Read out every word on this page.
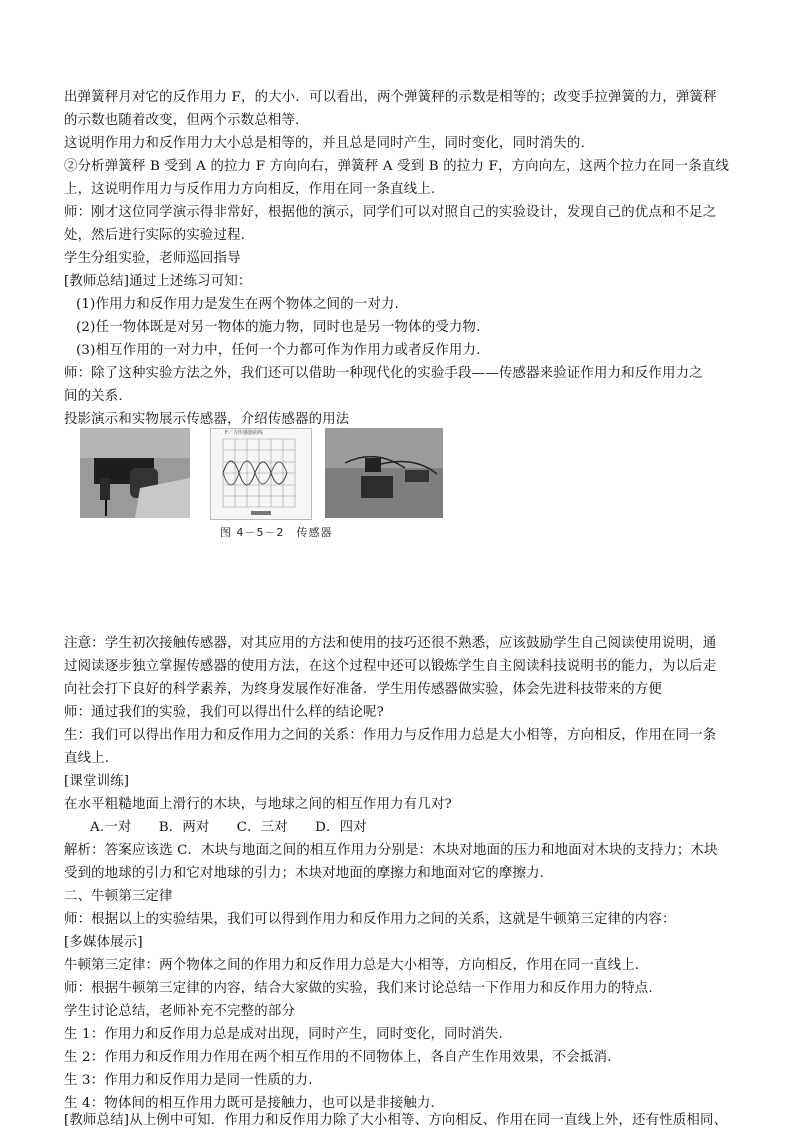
出弹簧秤月对它的反作用力 F，的大小．可以看出，两个弹簧秤的示数是相等的；改变手拉弹簧的力，弹簧秤
的示数也随着改变，但两个示数总相等.
这说明作用力和反作用力大小总是相等的，并且总是同时产生，同时变化，同时消失的.
②分析弹簧秤 B 受到 A 的拉力 F 方向向右，弹簧秤 A 受到 B 的拉力 F，方向向左，这两个拉力在同一条直线
上，这说明作用力与反作用力方向相反，作用在同一条直线上.
师：刚才这位同学演示得非常好，根据他的演示，同学们可以对照自己的实验设计，发现自己的优点和不足之
处，然后进行实际的实验过程.
学生分组实验，老师巡回指导
[教师总结]通过上述练习可知：
(1)作用力和反作用力是发生在两个物体之间的一对力.
(2)任一物体既是对另一物体的施力物，同时也是另一物体的受力物.
(3)相互作用的一对力中，任何一个力都可作为作用力或者反作用力.
师：除了这种实验方法之外，我们还可以借助一种现代化的实验手段——传感器来验证作用力和反作用力之
间的关系.
投影演示和实物展示传感器，介绍传感器的用法
F／力传感器曲线
图 4－5－2　传感器
注意：学生初次接触传感器，对其应用的方法和使用的技巧还很不熟悉，应该鼓励学生自己阅读使用说明，通
过阅读逐步独立掌握传感器的使用方法，在这个过程中还可以锻炼学生自主阅读科技说明书的能力，为以后走
向社会打下良好的科学素养，为终身发展作好准备．学生用传感器做实验，体会先进科技带来的方便
师：通过我们的实验，我们可以得出什么样的结论呢?
生：我们可以得出作用力和反作用力之间的关系：作用力与反作用力总是大小相等，方向相反，作用在同一条
直线上.
[课堂训练]
在水平粗糙地面上滑行的木块，与地球之间的相互作用力有几对?
A.一对　　B．两对　　C．三对　　D．四对
解析：答案应该选 C．木块与地面之间的相互作用力分别是：木块对地面的压力和地面对木块的支持力；木块
受到的地球的引力和它对地球的引力；木块对地面的摩擦力和地面对它的摩擦力.
二、牛顿第三定律
师：根据以上的实验结果，我们可以得到作用力和反作用力之间的关系，这就是牛顿第三定律的内容：
[多媒体展示]
牛顿第三定律：两个物体之间的作用力和反作用力总是大小相等，方向相反，作用在同一直线上.
师：根据牛顿第三定律的内容，结合大家做的实验，我们来讨论总结一下作用力和反作用力的特点.
学生讨论总结，老师补充不完整的部分
生 1：作用力和反作用力总是成对出现，同时产生，同时变化，同时消失.
生 2：作用力和反作用力作用在两个相互作用的不同物体上，各自产生作用效果，不会抵消.
生 3：作用力和反作用力是同一性质的力.
生 4：物体间的相互作用力既可是接触力，也可以是非接触力.
[教师总结]从上例中可知．作用力和反作用力除了大小相等、方向相反、作用在同一直线上外，还有性质相同、
